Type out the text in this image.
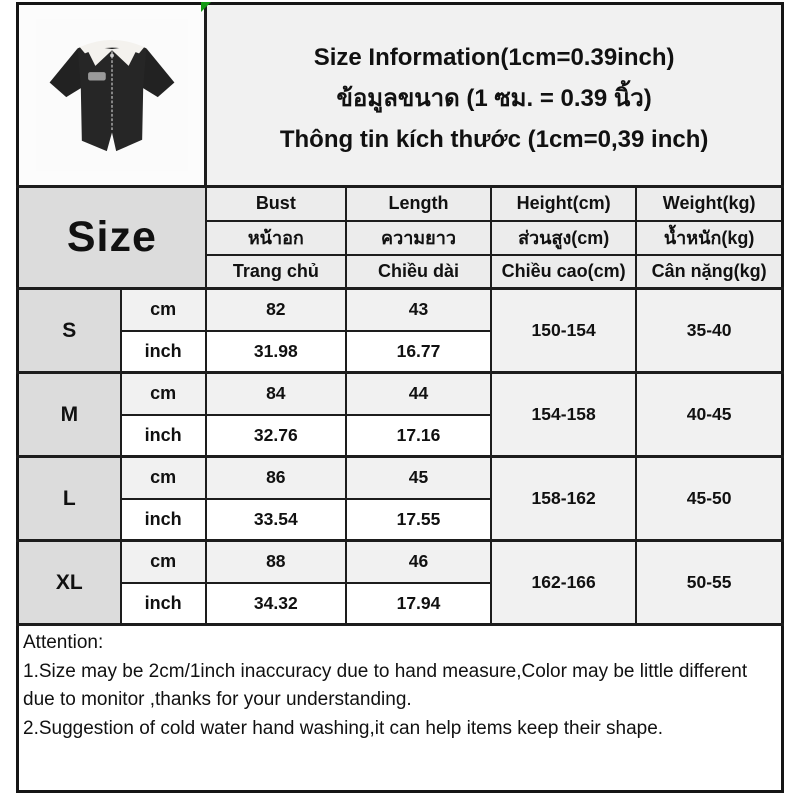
Size Information(1cm=0.39inch)
ข้อมูลขนาด (1 ซม. = 0.39 นิ้ว)
Thông tin kích thước (1cm=0,39 inch)			

Size		Bust	Length	Height(cm)	Weight(kg)
		หน้าอก	ความยาว	ส่วนสูง(cm)	น้ำหนัก(kg)
		Trang chủ	Chiều dài	Chiều cao(cm)	Cân nặng(kg)
S	cm	82	43	150-154	35-40
	inch	31.98	16.77		
M	cm	84	44	154-158	40-45
	inch	32.76	17.16		
L	cm	86	45	158-162	45-50
	inch	33.54	17.55		
XL	cm	88	46	162-166	50-55
	inch	34.32	17.94		

Attention:
1.Size may be 2cm/1inch inaccuracy due to hand measure,Color may be little different due to monitor ,thanks for your understanding.
2.Suggestion of cold water hand washing,it can help items keep their shape.					
